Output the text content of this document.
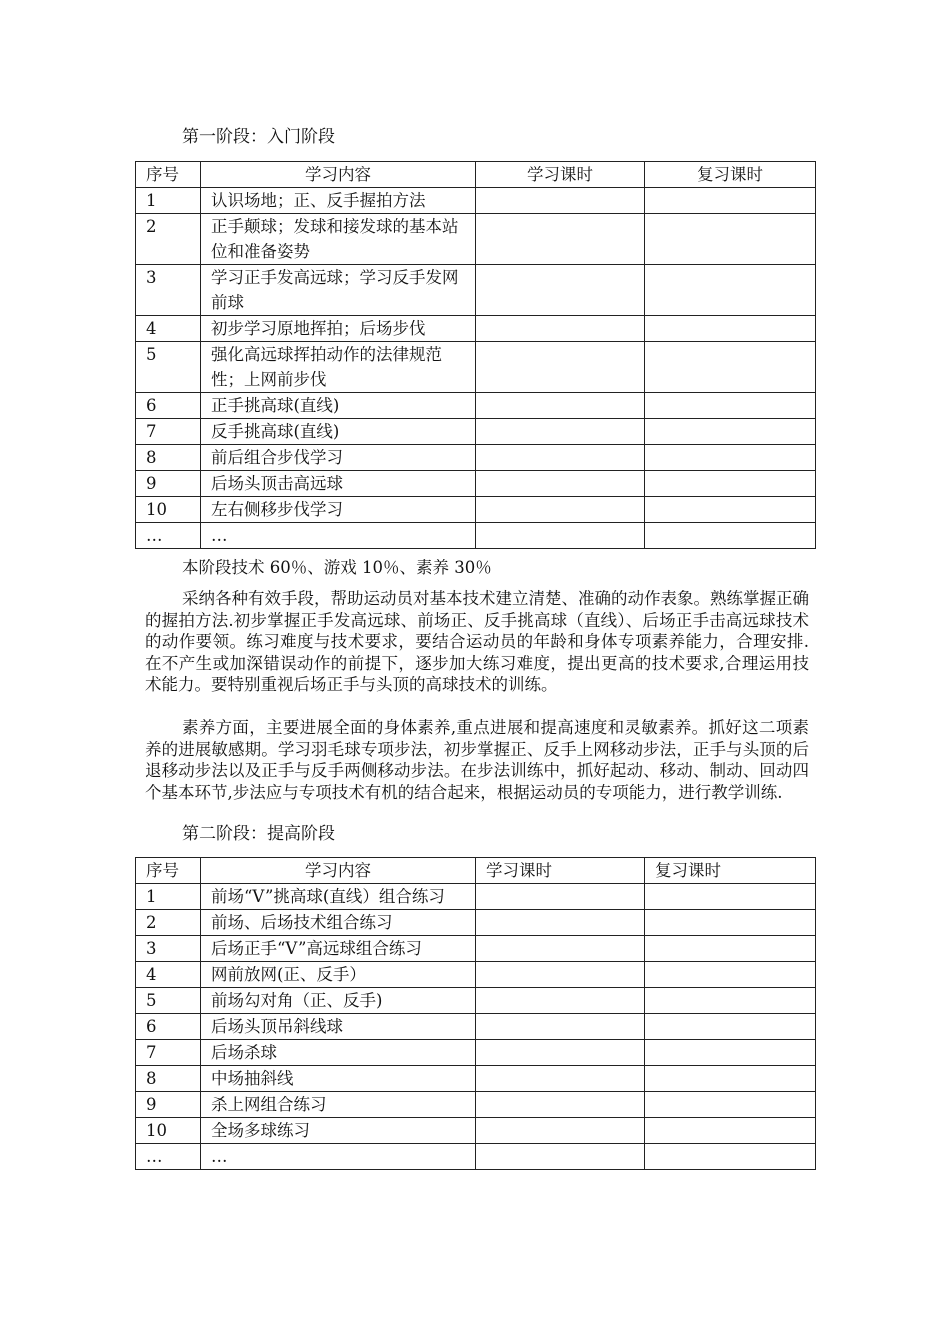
第一阶段：入门阶段

序号	学习内容	学习课时	复习课时
1	认识场地；正、反手握拍方法		
2	正手颠球；发球和接发球的基本站位和准备姿势		
3	学习正手发高远球；学习反手发网前球		
4	初步学习原地挥拍；后场步伐		
5	强化高远球挥拍动作的法律规范性；上网前步伐		
6	正手挑高球(直线)		
7	反手挑高球(直线)		
8	前后组合步伐学习		
9	后场头顶击高远球		
10	左右侧移步伐学习		
…	…		

本阶段技术 60％、游戏 10％、素养 30％

采纳各种有效手段，帮助运动员对基本技术建立清楚、准确的动作表象。熟练掌握正确的握拍方法.初步掌握正手发高远球、前场正、反手挑高球（直线）、后场正手击高远球技术的动作要领。练习难度与技术要求，要结合运动员的年龄和身体专项素养能力，合理安排.在不产生或加深错误动作的前提下，逐步加大练习难度，提出更高的技术要求,合理运用技术能力。要特别重视后场正手与头顶的高球技术的训练。

素养方面，主要进展全面的身体素养,重点进展和提高速度和灵敏素养。抓好这二项素养的进展敏感期。学习羽毛球专项步法，初步掌握正、反手上网移动步法，正手与头顶的后退移动步法以及正手与反手两侧移动步法。在步法训练中，抓好起动、移动、制动、回动四个基本环节,步法应与专项技术有机的结合起来，根据运动员的专项能力，进行教学训练.

第二阶段：提高阶段

序号	学习内容	学习课时	复习课时
1	前场“V”挑高球(直线）组合练习		
2	前场、后场技术组合练习		
3	后场正手“V”高远球组合练习		
4	网前放网(正、反手）		
5	前场勾对角（正、反手)		
6	后场头顶吊斜线球		
7	后场杀球		
8	中场抽斜线		
9	杀上网组合练习		
10	全场多球练习		
…	…		
